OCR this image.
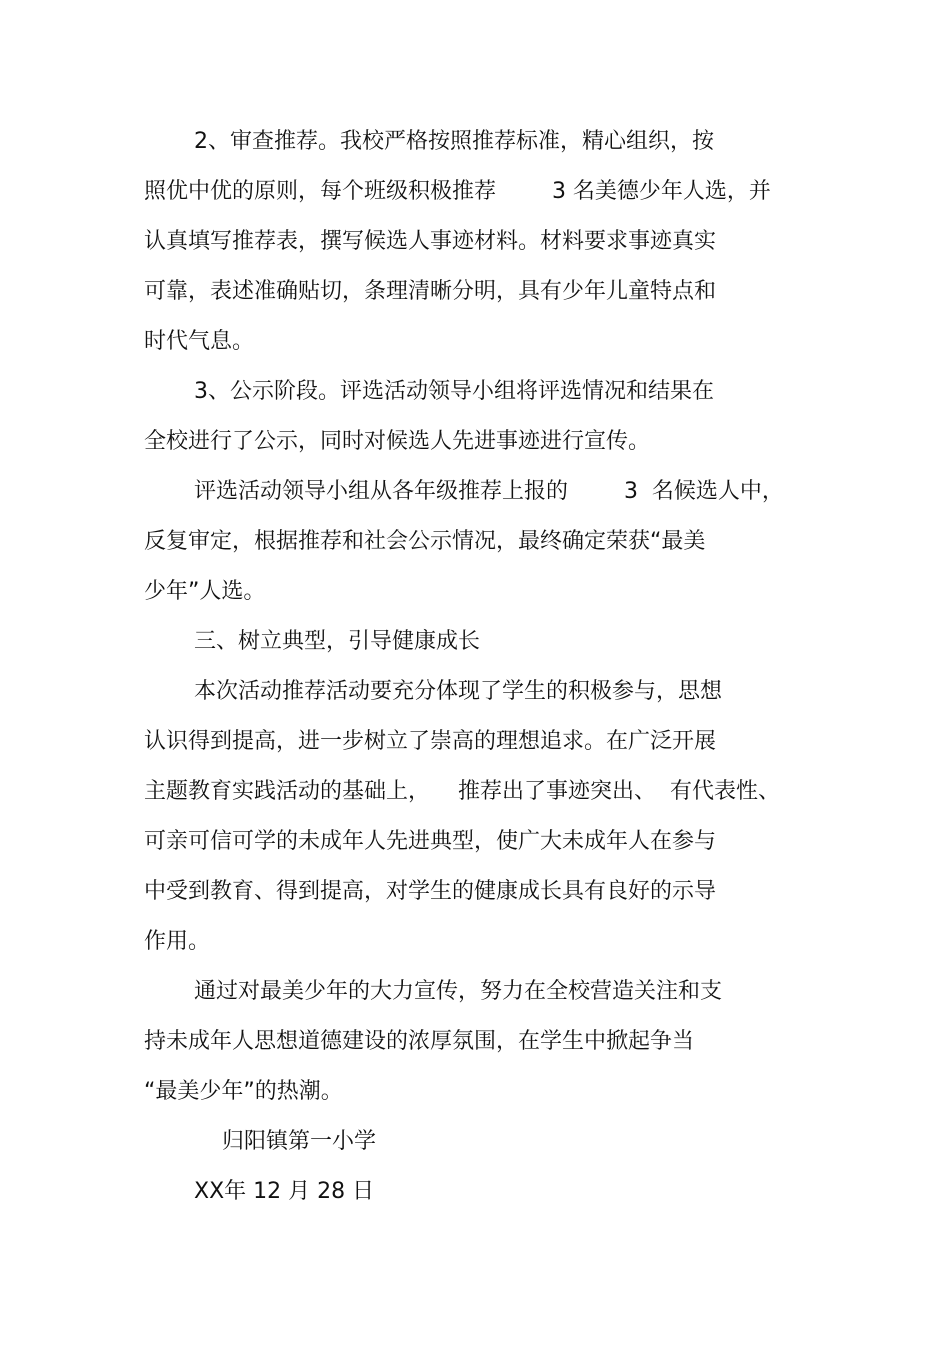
2、审查推荐。我校严格按照推荐标准，精心组织，按

照优中优的原则，每个班级积极推荐        3 名美德少年人选，并

认真填写推荐表，撰写候选人事迹材料。材料要求事迹真实

可靠，表述准确贴切，条理清晰分明，具有少年儿童特点和

时代气息。

3、公示阶段。评选活动领导小组将评选情况和结果在

全校进行了公示，同时对候选人先进事迹进行宣传。

评选活动领导小组从各年级推荐上报的        3  名候选人中，

反复审定，根据推荐和社会公示情况，最终确定荣获“最美

少年”人选。

三、树立典型，引导健康成长

本次活动推荐活动要充分体现了学生的积极参与，思想

认识得到提高，进一步树立了崇高的理想追求。在广泛开展

主题教育实践活动的基础上，    推荐出了事迹突出、  有代表性、

可亲可信可学的未成年人先进典型，使广大未成年人在参与

中受到教育、得到提高，对学生的健康成长具有良好的示导

作用。

通过对最美少年的大力宣传，努力在全校营造关注和支

持未成年人思想道德建设的浓厚氛围，在学生中掀起争当

“最美少年”的热潮。

归阳镇第一小学

XX年 12 月 28 日
